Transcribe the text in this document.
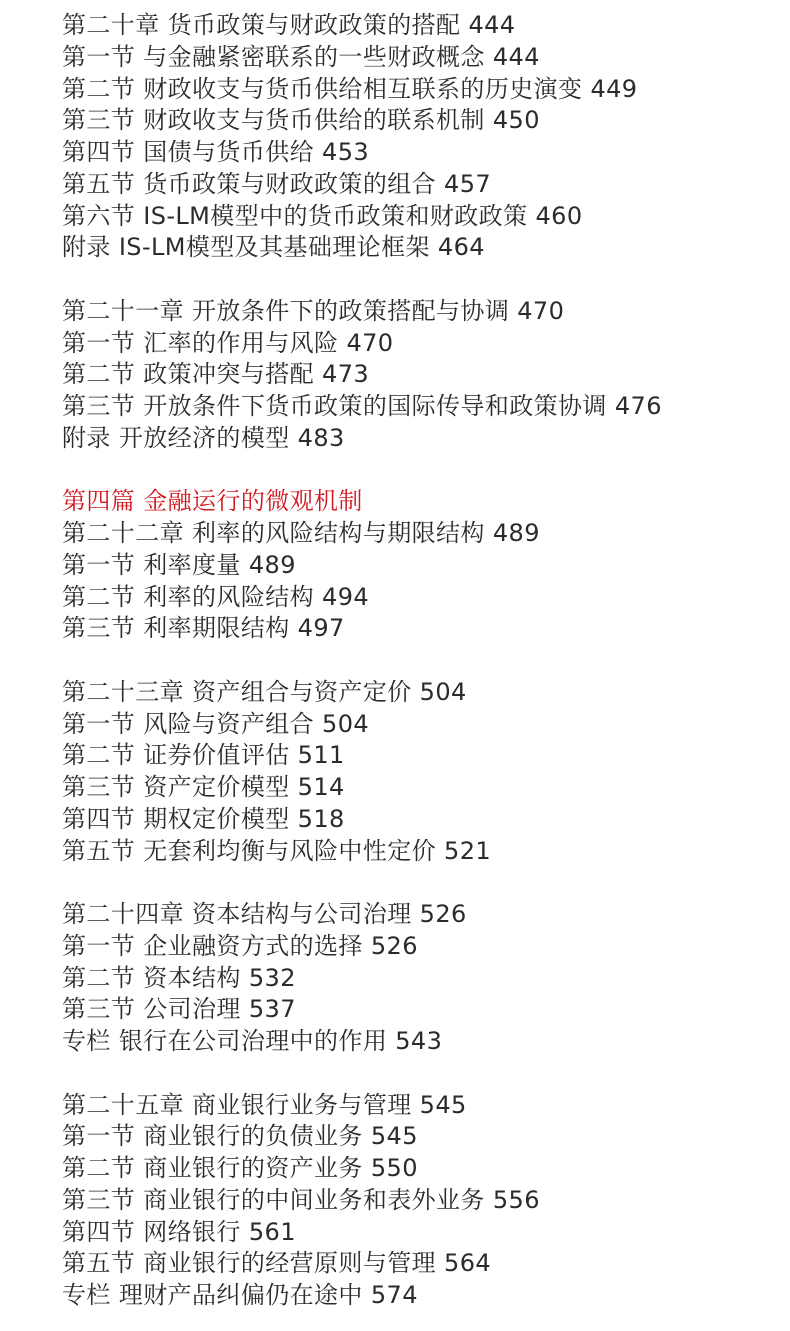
第二十章 货币政策与财政政策的搭配 444
第一节 与金融紧密联系的一些财政概念 444
第二节 财政收支与货币供给相互联系的历史演变 449
第三节 财政收支与货币供给的联系机制 450
第四节 国债与货币供给 453
第五节 货币政策与财政政策的组合 457
第六节 IS-LM模型中的货币政策和财政政策 460
附录 IS-LM模型及其基础理论框架 464
第二十一章 开放条件下的政策搭配与协调 470
第一节 汇率的作用与风险 470
第二节 政策冲突与搭配 473
第三节 开放条件下货币政策的国际传导和政策协调 476
附录 开放经济的模型 483
第四篇 金融运行的微观机制
第二十二章 利率的风险结构与期限结构 489
第一节 利率度量 489
第二节 利率的风险结构 494
第三节 利率期限结构 497
第二十三章 资产组合与资产定价 504
第一节 风险与资产组合 504
第二节 证券价值评估 511
第三节 资产定价模型 514
第四节 期权定价模型 518
第五节 无套利均衡与风险中性定价 521
第二十四章 资本结构与公司治理 526
第一节 企业融资方式的选择 526
第二节 资本结构 532
第三节 公司治理 537
专栏 银行在公司治理中的作用 543
第二十五章 商业银行业务与管理 545
第一节 商业银行的负债业务 545
第二节 商业银行的资产业务 550
第三节 商业银行的中间业务和表外业务 556
第四节 网络银行 561
第五节 商业银行的经营原则与管理 564
专栏 理财产品纠偏仍在途中 574
